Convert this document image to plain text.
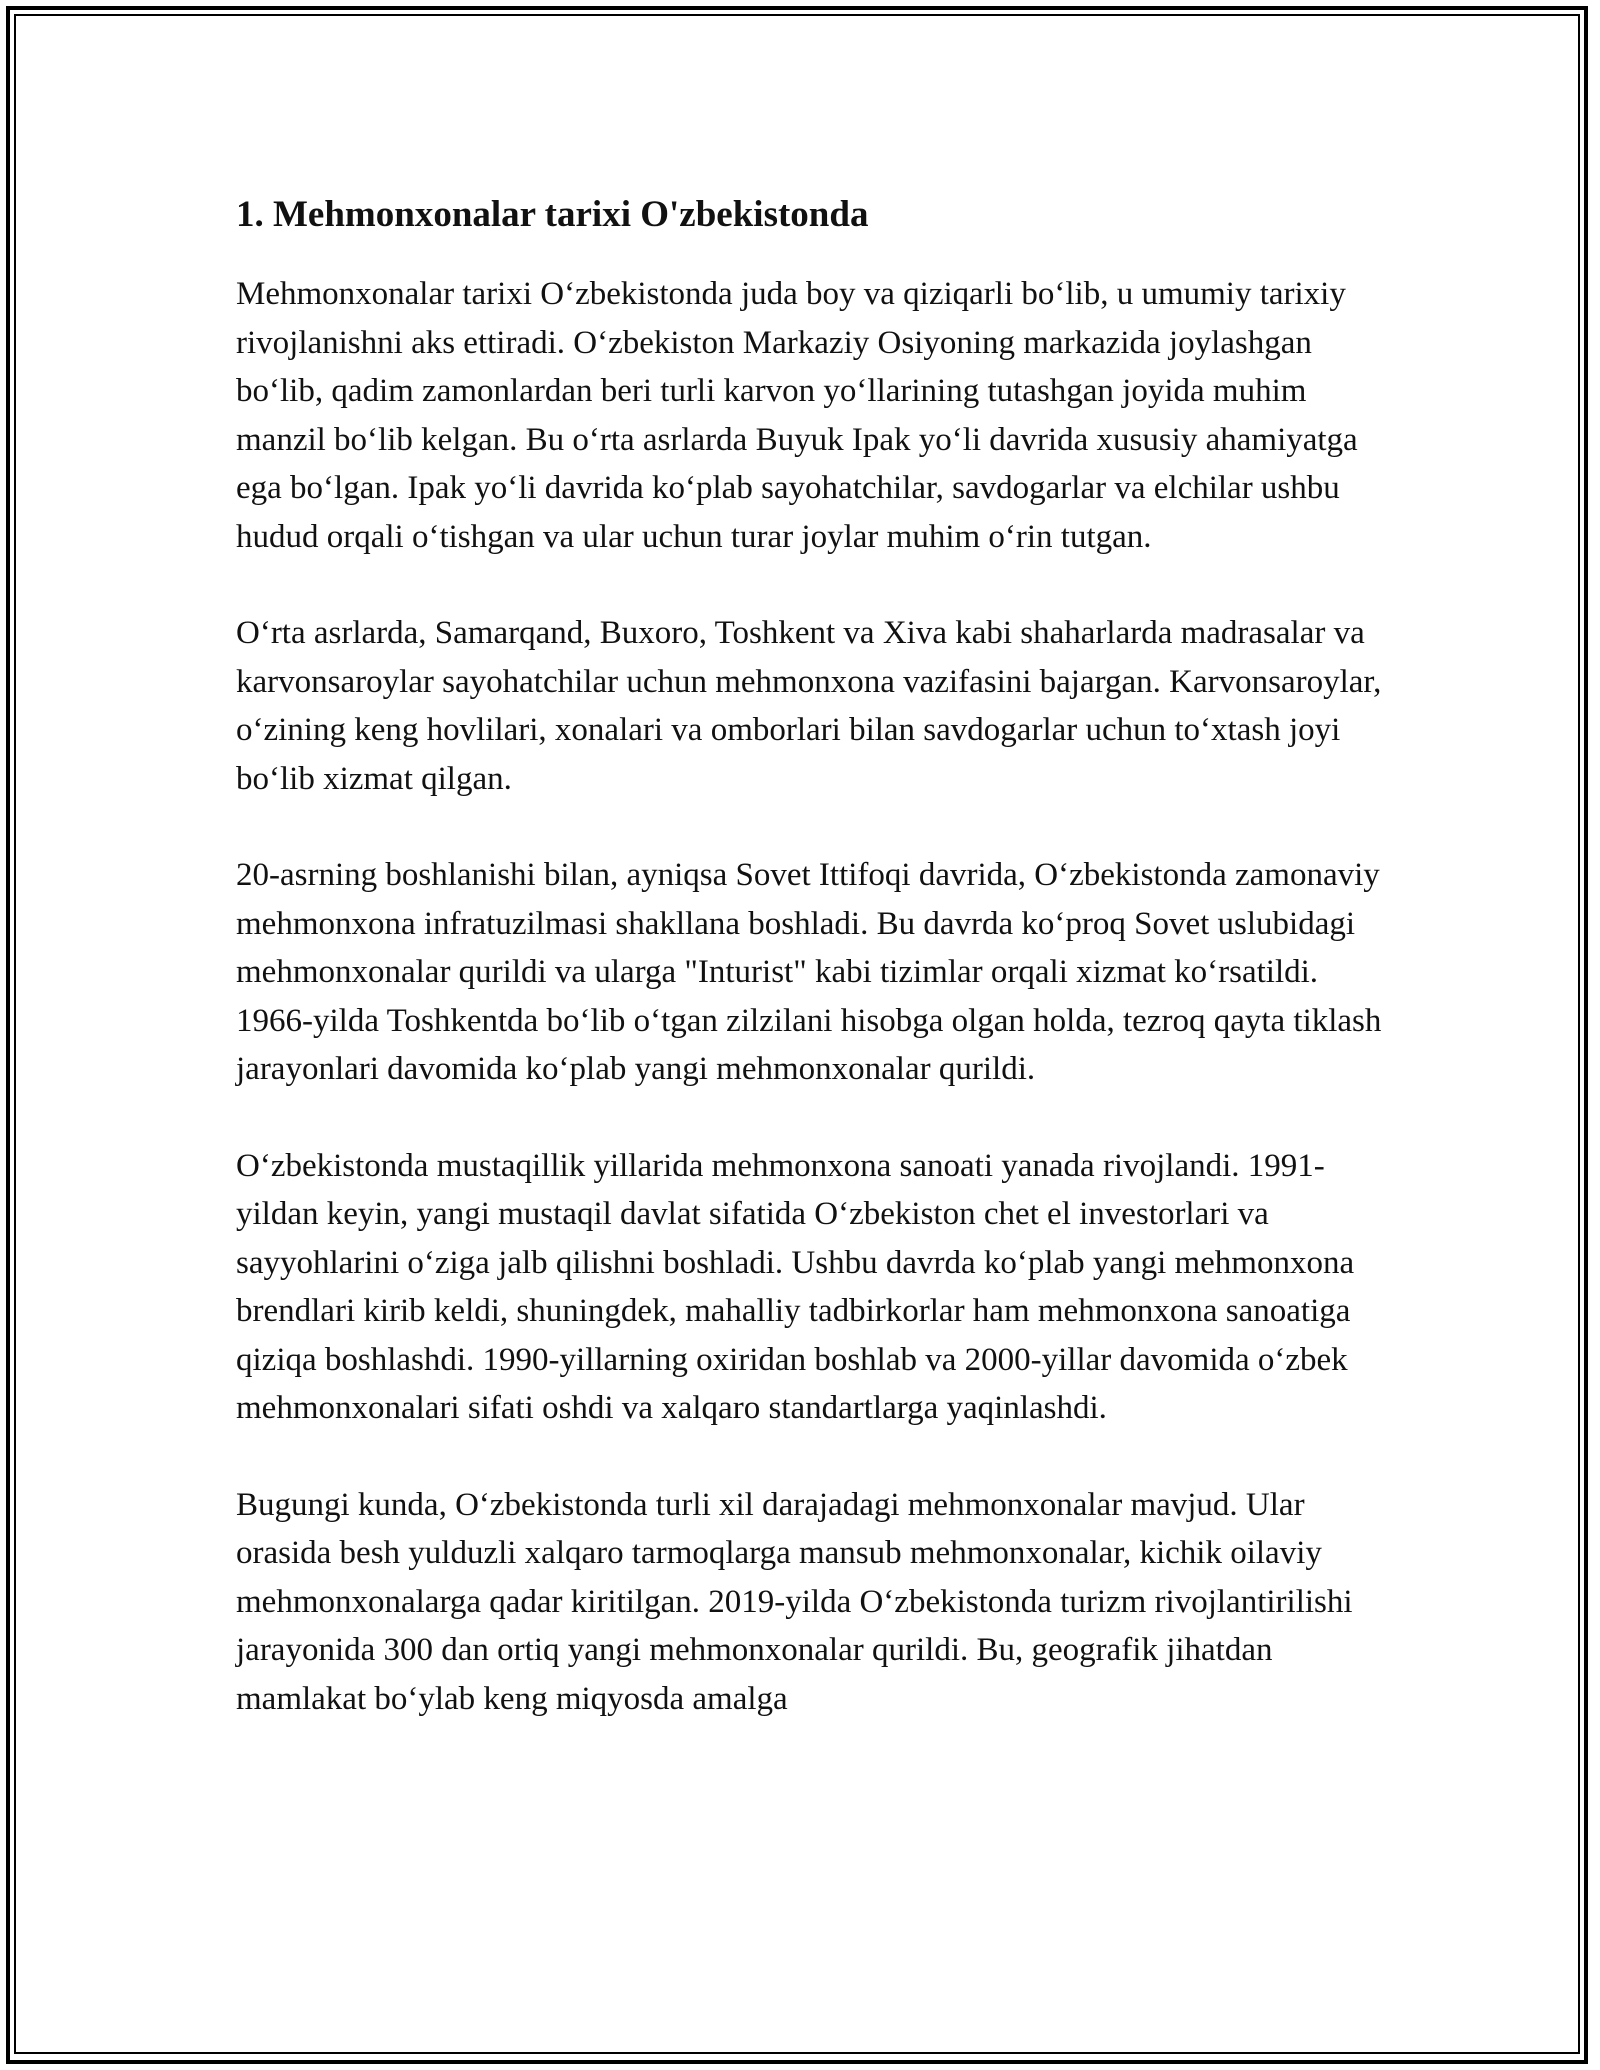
1. Mehmonxonalar tarixi O'zbekistonda

Mehmonxonalar tarixi O‘zbekistonda juda boy va qiziqarli bo‘lib, u umumiy tarixiy rivojlanishni aks ettiradi. O‘zbekiston Markaziy Osiyoning markazida joylashgan bo‘lib, qadim zamonlardan beri turli karvon yo‘llarining tutashgan joyida muhim manzil bo‘lib kelgan. Bu o‘rta asrlarda Buyuk Ipak yo‘li davrida xususiy ahamiyatga ega bo‘lgan. Ipak yo‘li davrida ko‘plab sayohatchilar, savdogarlar va elchilar ushbu hudud orqali o‘tishgan va ular uchun turar joylar muhim o‘rin tutgan.

O‘rta asrlarda, Samarqand, Buxoro, Toshkent va Xiva kabi shaharlarda madrasalar va karvonsaroylar sayohatchilar uchun mehmonxona vazifasini bajargan. Karvonsaroylar, o‘zining keng hovlilari, xonalari va omborlari bilan savdogarlar uchun to‘xtash joyi bo‘lib xizmat qilgan.

20-asrning boshlanishi bilan, ayniqsa Sovet Ittifoqi davrida, O‘zbekistonda zamonaviy mehmonxona infratuzilmasi shakllana boshladi. Bu davrda ko‘proq Sovet uslubidagi mehmonxonalar qurildi va ularga "Inturist" kabi tizimlar orqali xizmat ko‘rsatildi. 1966-yilda Toshkentda bo‘lib o‘tgan zilzilani hisobga olgan holda, tezroq qayta tiklash jarayonlari davomida ko‘plab yangi mehmonxonalar qurildi.

O‘zbekistonda mustaqillik yillarida mehmonxona sanoati yanada rivojlandi. 1991-yildan keyin, yangi mustaqil davlat sifatida O‘zbekiston chet el investorlari va sayyohlarini o‘ziga jalb qilishni boshladi. Ushbu davrda ko‘plab yangi mehmonxona brendlari kirib keldi, shuningdek, mahalliy tadbirkorlar ham mehmonxona sanoatiga qiziqa boshlashdi. 1990-yillarning oxiridan boshlab va 2000-yillar davomida o‘zbek mehmonxonalari sifati oshdi va xalqaro standartlarga yaqinlashdi.

Bugungi kunda, O‘zbekistonda turli xil darajadagi mehmonxonalar mavjud. Ular orasida besh yulduzli xalqaro tarmoqlarga mansub mehmonxonalar, kichik oilaviy mehmonxonalarga qadar kiritilgan. 2019-yilda O‘zbekistonda turizm rivojlantirilishi jarayonida 300 dan ortiq yangi mehmonxonalar qurildi. Bu, geografik jihatdan mamlakat bo‘ylab keng miqyosda amalga
